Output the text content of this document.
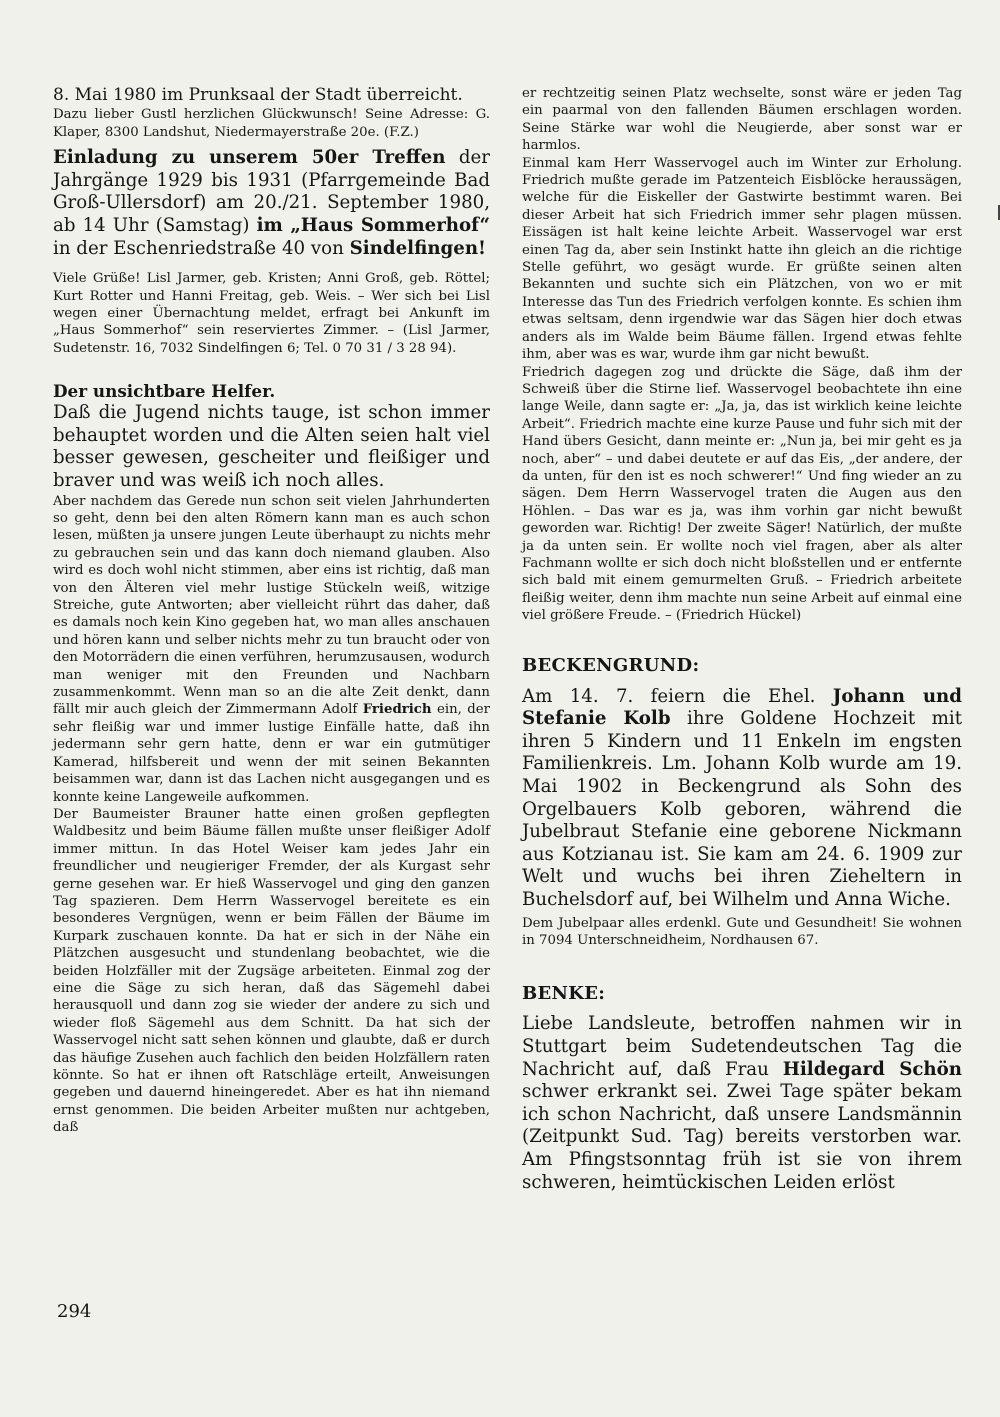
8. Mai 1980 im Prunksaal der Stadt überreicht.

Dazu lieber Gustl herzlichen Glückwunsch! Seine Adresse: G. Klaper, 8300 Landshut, Niedermayerstraße 20e. (F.Z.)

Einladung zu unserem 50er Treffen der Jahrgänge 1929 bis 1931 (Pfarrgemeinde Bad Groß-Ullersdorf) am 20./21. September 1980, ab 14 Uhr (Samstag) im „Haus Sommerhof“ in der Eschenriedstraße 40 von Sindelfingen!

Viele Grüße! Lisl Jarmer, geb. Kristen; Anni Groß, geb. Röttel; Kurt Rotter und Hanni Freitag, geb. Weis. – Wer sich bei Lisl wegen einer Übernachtung meldet, erfragt bei Ankunft im „Haus Sommerhof“ sein reserviertes Zimmer. – (Lisl Jarmer, Sudetenstr. 16, 7032 Sindelfingen 6; Tel. 0 70 31 / 3 28 94).

Der unsichtbare Helfer.

Daß die Jugend nichts tauge, ist schon immer behauptet worden und die Alten seien halt viel besser gewesen, gescheiter und fleißiger und braver und was weiß ich noch alles.

Aber nachdem das Gerede nun schon seit vielen Jahrhunderten so geht, denn bei den alten Römern kann man es auch schon lesen, müßten ja unsere jungen Leute überhaupt zu nichts mehr zu gebrauchen sein und das kann doch niemand glauben. Also wird es doch wohl nicht stimmen, aber eins ist richtig, daß man von den Älteren viel mehr lustige Stückeln weiß, witzige Streiche, gute Antworten; aber vielleicht rührt das daher, daß es damals noch kein Kino gegeben hat, wo man alles anschauen und hören kann und selber nichts mehr zu tun braucht oder von den Motorrädern die einen verführen, herumzusausen, wodurch man weniger mit den Freunden und Nachbarn zusammenkommt. Wenn man so an die alte Zeit denkt, dann fällt mir auch gleich der Zimmermann Adolf Friedrich ein, der sehr fleißig war und immer lustige Einfälle hatte, daß ihn jedermann sehr gern hatte, denn er war ein gutmütiger Kamerad, hilfsbereit und wenn der mit seinen Bekannten beisammen war, dann ist das Lachen nicht ausgegangen und es konnte keine Langeweile aufkommen.

Der Baumeister Brauner hatte einen großen gepflegten Waldbesitz und beim Bäume fällen mußte unser fleißiger Adolf immer mittun. In das Hotel Weiser kam jedes Jahr ein freundlicher und neugieriger Fremder, der als Kurgast sehr gerne gesehen war. Er hieß Wasservogel und ging den ganzen Tag spazieren. Dem Herrn Wasservogel bereitete es ein besonderes Vergnügen, wenn er beim Fällen der Bäume im Kurpark zuschauen konnte. Da hat er sich in der Nähe ein Plätzchen ausgesucht und stundenlang beobachtet, wie die beiden Holzfäller mit der Zugsäge arbeiteten. Einmal zog der eine die Säge zu sich heran, daß das Sägemehl dabei herausquoll und dann zog sie wieder der andere zu sich und wieder floß Sägemehl aus dem Schnitt. Da hat sich der Wasservogel nicht satt sehen können und glaubte, daß er durch das häufige Zusehen auch fachlich den beiden Holzfällern raten könnte. So hat er ihnen oft Ratschläge erteilt, Anweisungen gegeben und dauernd hineingeredet. Aber es hat ihn niemand ernst genommen. Die beiden Arbeiter mußten nur achtgeben, daß

er rechtzeitig seinen Platz wechselte, sonst wäre er jeden Tag ein paarmal von den fallenden Bäumen erschlagen worden. Seine Stärke war wohl die Neugierde, aber sonst war er harmlos.

Einmal kam Herr Wasservogel auch im Winter zur Erholung. Friedrich mußte gerade im Patzenteich Eisblöcke heraussägen, welche für die Eiskeller der Gastwirte bestimmt waren. Bei dieser Arbeit hat sich Friedrich immer sehr plagen müssen. Eissägen ist halt keine leichte Arbeit. Wasservogel war erst einen Tag da, aber sein Instinkt hatte ihn gleich an die richtige Stelle geführt, wo gesägt wurde. Er grüßte seinen alten Bekannten und suchte sich ein Plätzchen, von wo er mit Interesse das Tun des Friedrich verfolgen konnte. Es schien ihm etwas seltsam, denn irgendwie war das Sägen hier doch etwas anders als im Walde beim Bäume fällen. Irgend etwas fehlte ihm, aber was es war, wurde ihm gar nicht bewußt.

Friedrich dagegen zog und drückte die Säge, daß ihm der Schweiß über die Stirne lief. Wasservogel beobachtete ihn eine lange Weile, dann sagte er: „Ja, ja, das ist wirklich keine leichte Arbeit“. Friedrich machte eine kurze Pause und fuhr sich mit der Hand übers Gesicht, dann meinte er: „Nun ja, bei mir geht es ja noch, aber“ – und dabei deutete er auf das Eis, „der andere, der da unten, für den ist es noch schwerer!“ Und fing wieder an zu sägen. Dem Herrn Wasservogel traten die Augen aus den Höhlen. – Das war es ja, was ihm vorhin gar nicht bewußt geworden war. Richtig! Der zweite Säger! Natürlich, der mußte ja da unten sein. Er wollte noch viel fragen, aber als alter Fachmann wollte er sich doch nicht bloßstellen und er entfernte sich bald mit einem gemurmelten Gruß. – Friedrich arbeitete fleißig weiter, denn ihm machte nun seine Arbeit auf einmal eine viel größere Freude. – (Friedrich Hückel)

BECKENGRUND:

Am 14. 7. feiern die Ehel. Johann und Stefanie Kolb ihre Goldene Hochzeit mit ihren 5 Kindern und 11 Enkeln im engsten Familienkreis. Lm. Johann Kolb wurde am 19. Mai 1902 in Beckengrund als Sohn des Orgelbauers Kolb geboren, während die Jubelbraut Stefanie eine geborene Nickmann aus Kotzianau ist. Sie kam am 24. 6. 1909 zur Welt und wuchs bei ihren Zieheltern in Buchelsdorf auf, bei Wilhelm und Anna Wiche.

Dem Jubelpaar alles erdenkl. Gute und Gesundheit! Sie wohnen in 7094 Unterschneidheim, Nordhausen 67.

BENKE:

Liebe Landsleute, betroffen nahmen wir in Stuttgart beim Sudetendeutschen Tag die Nachricht auf, daß Frau Hildegard Schön schwer erkrankt sei. Zwei Tage später bekam ich schon Nachricht, daß unsere Landsmännin (Zeitpunkt Sud. Tag) bereits verstorben war. Am Pfingstsonntag früh ist sie von ihrem schweren, heimtückischen Leiden erlöst

294
